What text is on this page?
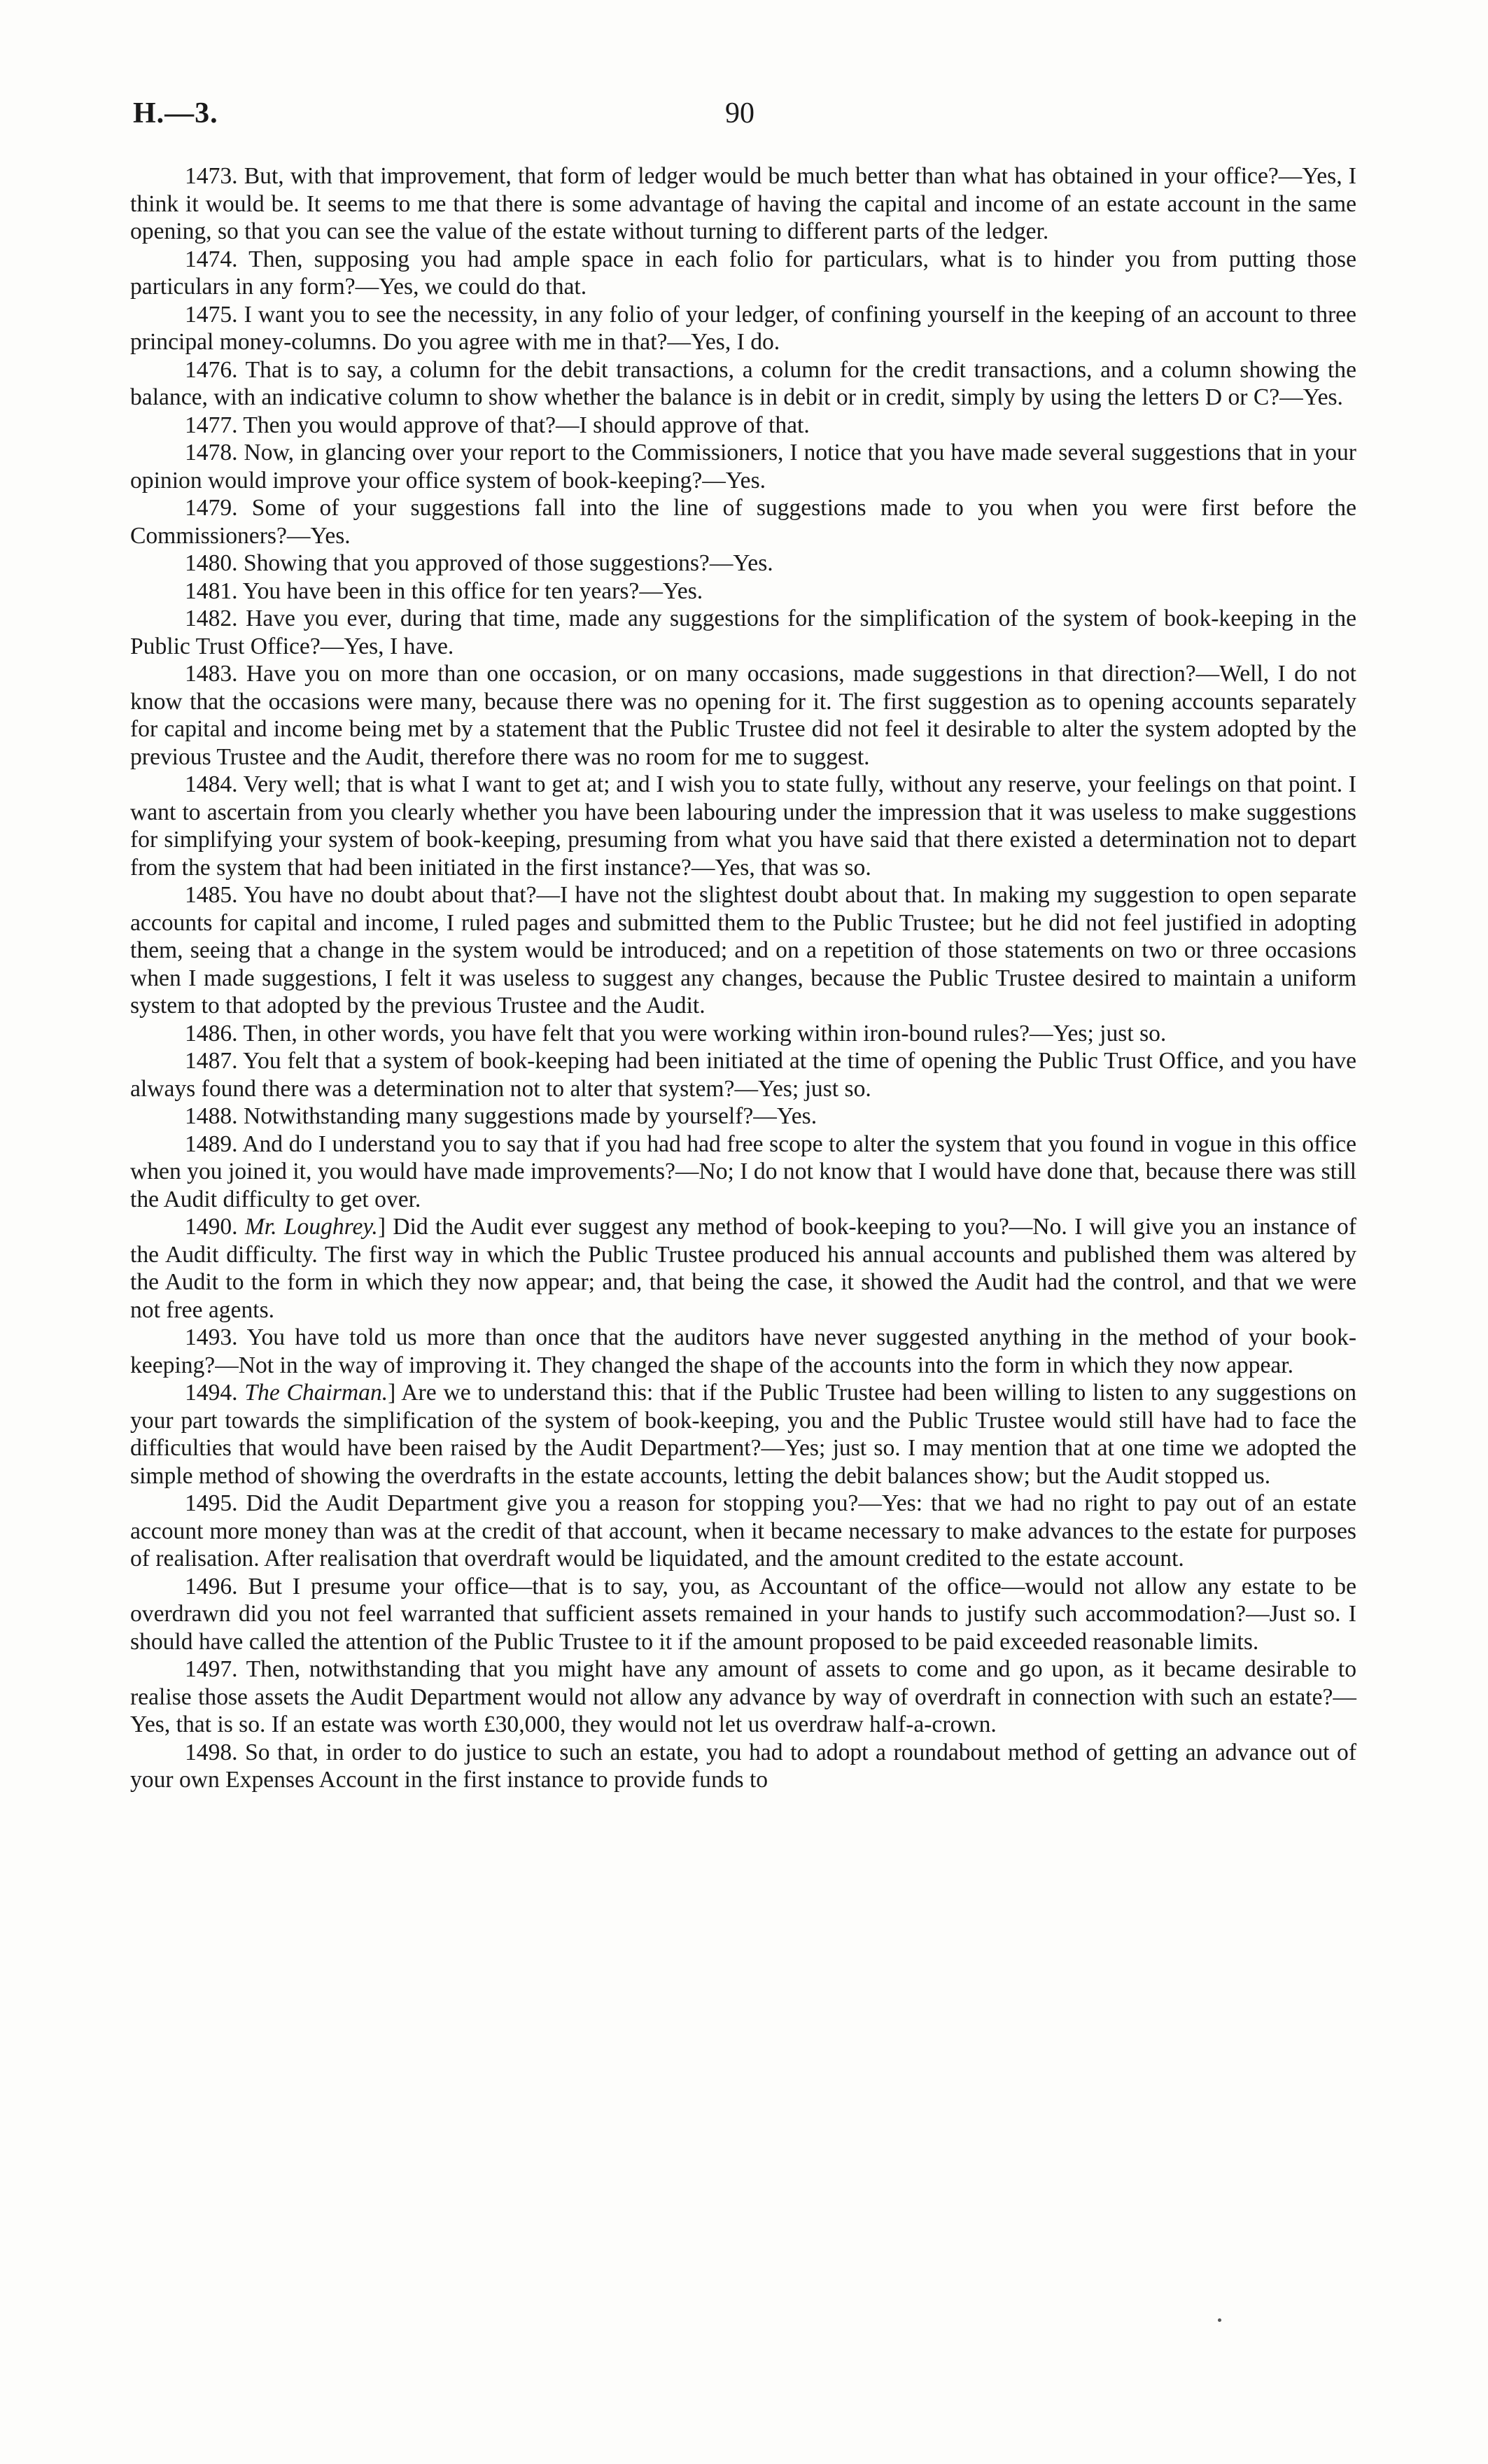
H.—3.	90

1473. But, with that improvement, that form of ledger would be much better than what has obtained in your office?—Yes, I think it would be. It seems to me that there is some advantage of having the capital and income of an estate account in the same opening, so that you can see the value of the estate without turning to different parts of the ledger.

1474. Then, supposing you had ample space in each folio for particulars, what is to hinder you from putting those particulars in any form?—Yes, we could do that.

1475. I want you to see the necessity, in any folio of your ledger, of confining yourself in the keeping of an account to three principal money-columns. Do you agree with me in that?—Yes, I do.

1476. That is to say, a column for the debit transactions, a column for the credit transactions, and a column showing the balance, with an indicative column to show whether the balance is in debit or in credit, simply by using the letters D or C?—Yes.

1477. Then you would approve of that?—I should approve of that.

1478. Now, in glancing over your report to the Commissioners, I notice that you have made several suggestions that in your opinion would improve your office system of book-keeping?—Yes.

1479. Some of your suggestions fall into the line of suggestions made to you when you were first before the Commissioners?—Yes.

1480. Showing that you approved of those suggestions?—Yes.

1481. You have been in this office for ten years?—Yes.

1482. Have you ever, during that time, made any suggestions for the simplification of the system of book-keeping in the Public Trust Office?—Yes, I have.

1483. Have you on more than one occasion, or on many occasions, made suggestions in that direction?—Well, I do not know that the occasions were many, because there was no opening for it. The first suggestion as to opening accounts separately for capital and income being met by a statement that the Public Trustee did not feel it desirable to alter the system adopted by the previous Trustee and the Audit, therefore there was no room for me to suggest.

1484. Very well; that is what I want to get at; and I wish you to state fully, without any reserve, your feelings on that point. I want to ascertain from you clearly whether you have been labouring under the impression that it was useless to make suggestions for simplifying your system of book-keeping, presuming from what you have said that there existed a determination not to depart from the system that had been initiated in the first instance?—Yes, that was so.

1485. You have no doubt about that?—I have not the slightest doubt about that. In making my suggestion to open separate accounts for capital and income, I ruled pages and submitted them to the Public Trustee; but he did not feel justified in adopting them, seeing that a change in the system would be introduced; and on a repetition of those statements on two or three occasions when I made suggestions, I felt it was useless to suggest any changes, because the Public Trustee desired to maintain a uniform system to that adopted by the previous Trustee and the Audit.

1486. Then, in other words, you have felt that you were working within iron-bound rules?—Yes; just so.

1487. You felt that a system of book-keeping had been initiated at the time of opening the Public Trust Office, and you have always found there was a determination not to alter that system?—Yes; just so.

1488. Notwithstanding many suggestions made by yourself?—Yes.

1489. And do I understand you to say that if you had had free scope to alter the system that you found in vogue in this office when you joined it, you would have made improvements?—No; I do not know that I would have done that, because there was still the Audit difficulty to get over.

1490. Mr. Loughrey.] Did the Audit ever suggest any method of book-keeping to you?—No. I will give you an instance of the Audit difficulty. The first way in which the Public Trustee produced his annual accounts and published them was altered by the Audit to the form in which they now appear; and, that being the case, it showed the Audit had the control, and that we were not free agents.

1493. You have told us more than once that the auditors have never suggested anything in the method of your book-keeping?—Not in the way of improving it. They changed the shape of the accounts into the form in which they now appear.

1494. The Chairman.] Are we to understand this: that if the Public Trustee had been willing to listen to any suggestions on your part towards the simplification of the system of book-keeping, you and the Public Trustee would still have had to face the difficulties that would have been raised by the Audit Department?—Yes; just so. I may mention that at one time we adopted the simple method of showing the overdrafts in the estate accounts, letting the debit balances show; but the Audit stopped us.

1495. Did the Audit Department give you a reason for stopping you?—Yes: that we had no right to pay out of an estate account more money than was at the credit of that account, when it became necessary to make advances to the estate for purposes of realisation. After realisation that overdraft would be liquidated, and the amount credited to the estate account.

1496. But I presume your office—that is to say, you, as Accountant of the office—would not allow any estate to be overdrawn did you not feel warranted that sufficient assets remained in your hands to justify such accommodation?—Just so. I should have called the attention of the Public Trustee to it if the amount proposed to be paid exceeded reasonable limits.

1497. Then, notwithstanding that you might have any amount of assets to come and go upon, as it became desirable to realise those assets the Audit Department would not allow any advance by way of overdraft in connection with such an estate?—Yes, that is so. If an estate was worth £30,000, they would not let us overdraw half-a-crown.

1498. So that, in order to do justice to such an estate, you had to adopt a roundabout method of getting an advance out of your own Expenses Account in the first instance to provide funds to
